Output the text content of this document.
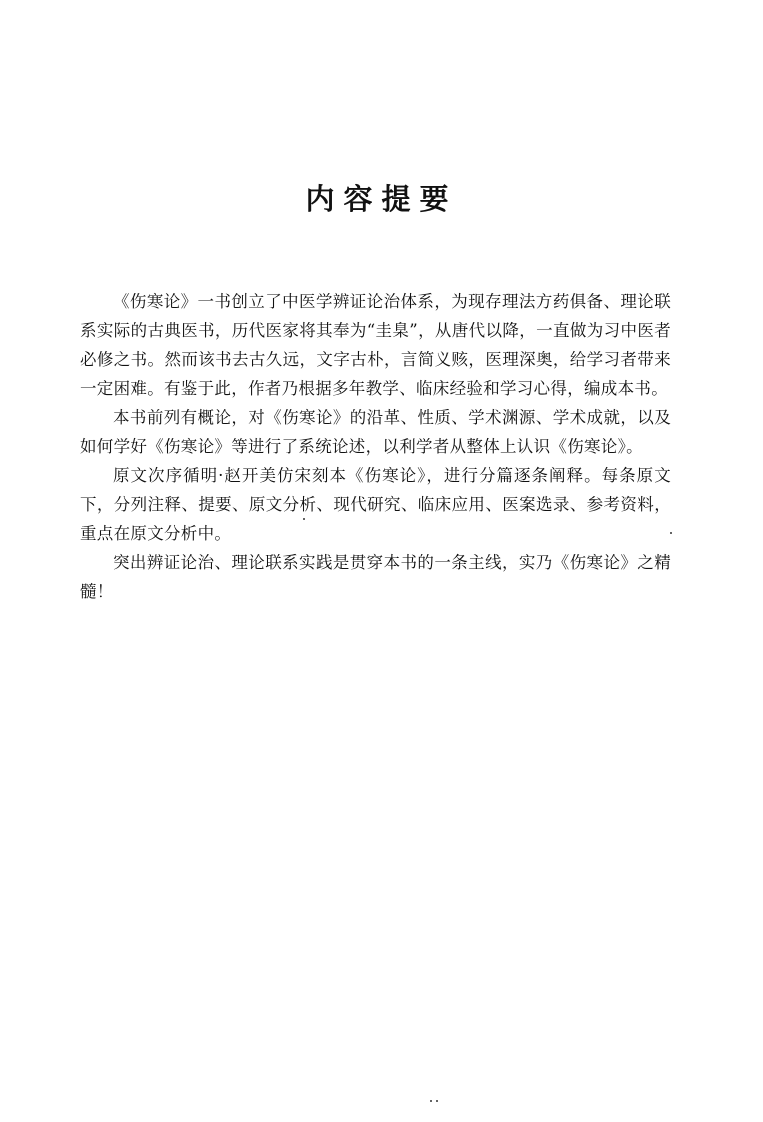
内容提要

《伤寒论》一书创立了中医学辨证论治体系，为现存理法方药俱备、理论联系实际的古典医书，历代医家将其奉为“圭臬”，从唐代以降，一直做为习中医者必修之书。然而该书去古久远，文字古朴，言简义赅，医理深奥，给学习者带来一定困难。有鉴于此，作者乃根据多年教学、临床经验和学习心得，编成本书。

本书前列有概论，对《伤寒论》的沿革、性质、学术渊源、学术成就，以及如何学好《伤寒论》等进行了系统论述，以利学者从整体上认识《伤寒论》。

原文次序循明·赵开美仿宋刻本《伤寒论》，进行分篇逐条阐释。每条原文下，分列注释、提要、原文分析、现代研究、临床应用、医案选录、参考资料，重点在原文分析中。

突出辨证论治、理论联系实践是贯穿本书的一条主线，实乃《伤寒论》之精髓！
